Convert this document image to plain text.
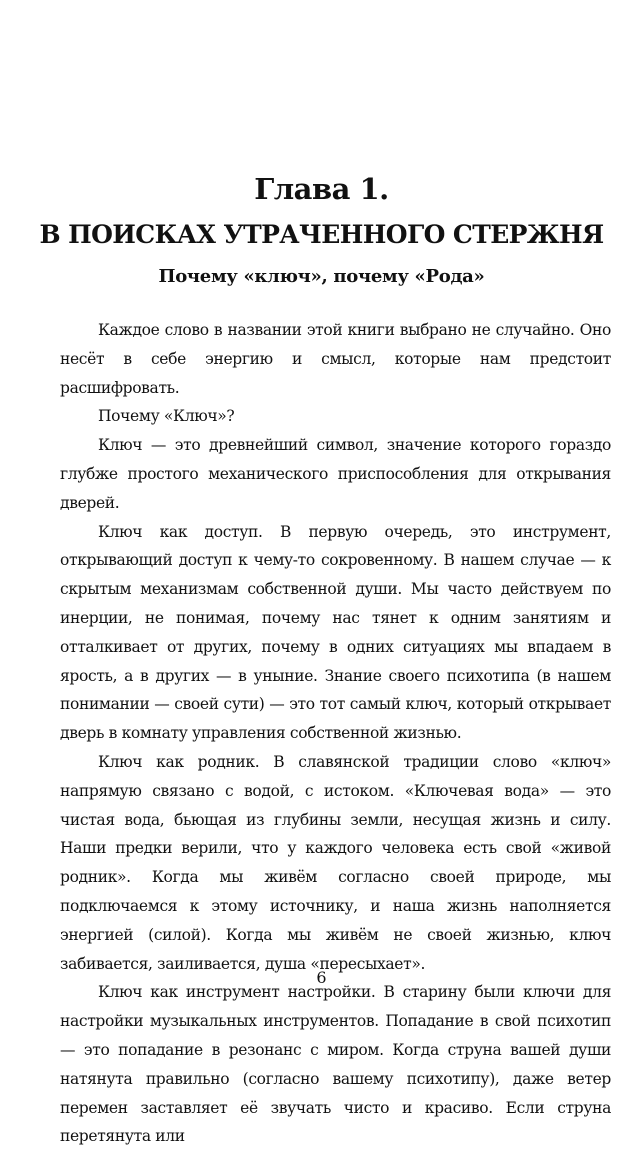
Глава 1.
В ПОИСКАХ УТРАЧЕННОГО СТЕРЖНЯ
Почему «ключ», почему «Рода»

Каждое слово в названии этой книги выбрано не случайно. Оно несёт в себе энергию и смысл, которые нам предстоит расшифровать.

Почему «Ключ»?

Ключ — это древнейший символ, значение которого гораздо глубже простого механического приспособления для открывания дверей.

Ключ как доступ. В первую очередь, это инструмент, открывающий доступ к чему-то сокровенному. В нашем случае — к скрытым механизмам собственной души. Мы часто действуем по инерции, не понимая, почему нас тянет к одним занятиям и отталкивает от других, почему в одних ситуациях мы впадаем в ярость, а в других — в уныние. Знание своего психотипа (в нашем понимании — своей сути) — это тот самый ключ, который открывает дверь в комнату управления собственной жизнью.

Ключ как родник. В славянской традиции слово «ключ» напрямую связано с водой, с истоком. «Ключевая вода» — это чистая вода, бьющая из глубины земли, несущая жизнь и силу. Наши предки верили, что у каждого человека есть свой «живой родник». Когда мы живём согласно своей природе, мы подключаемся к этому источнику, и наша жизнь наполняется энергией (силой). Когда мы живём не своей жизнью, ключ забивается, заиливается, душа «пересыхает».

Ключ как инструмент настройки. В старину были ключи для настройки музыкальных инструментов. Попадание в свой психотип — это попадание в резонанс с миром. Когда струна вашей души натянута правильно (согласно вашему психотипу), даже ветер перемен заставляет её звучать чисто и красиво. Если струна перетянута или

6
